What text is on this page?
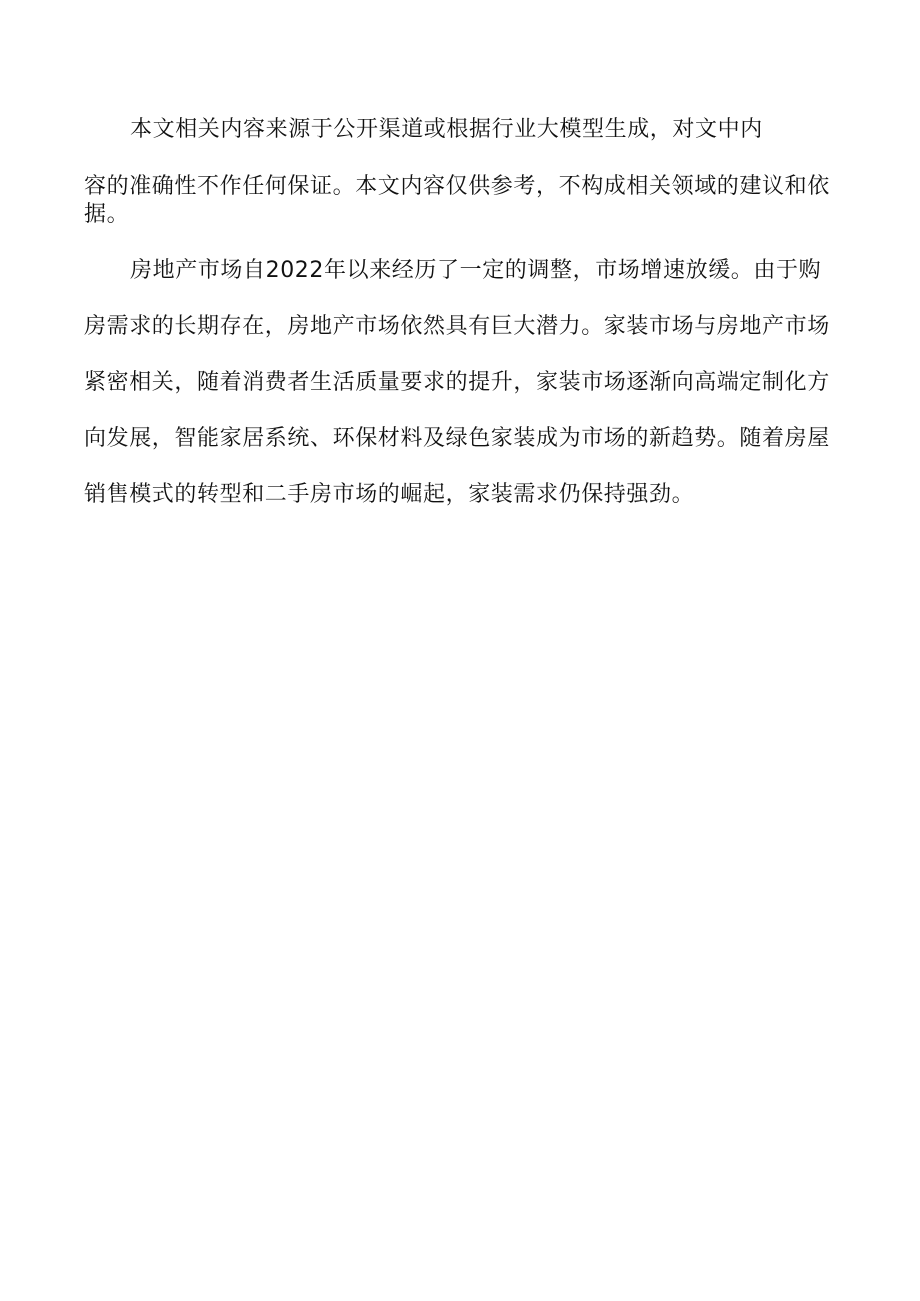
本文相关内容来源于公开渠道或根据行业大模型生成，对文中内
容的准确性不作任何保证。本文内容仅供参考，不构成相关领域的建议和依
据。
房地产市场自2022年以来经历了一定的调整，市场增速放缓。由于购
房需求的长期存在，房地产市场依然具有巨大潜力。家装市场与房地产市场
紧密相关，随着消费者生活质量要求的提升，家装市场逐渐向高端定制化方
向发展，智能家居系统、环保材料及绿色家装成为市场的新趋势。随着房屋
销售模式的转型和二手房市场的崛起，家装需求仍保持强劲。
